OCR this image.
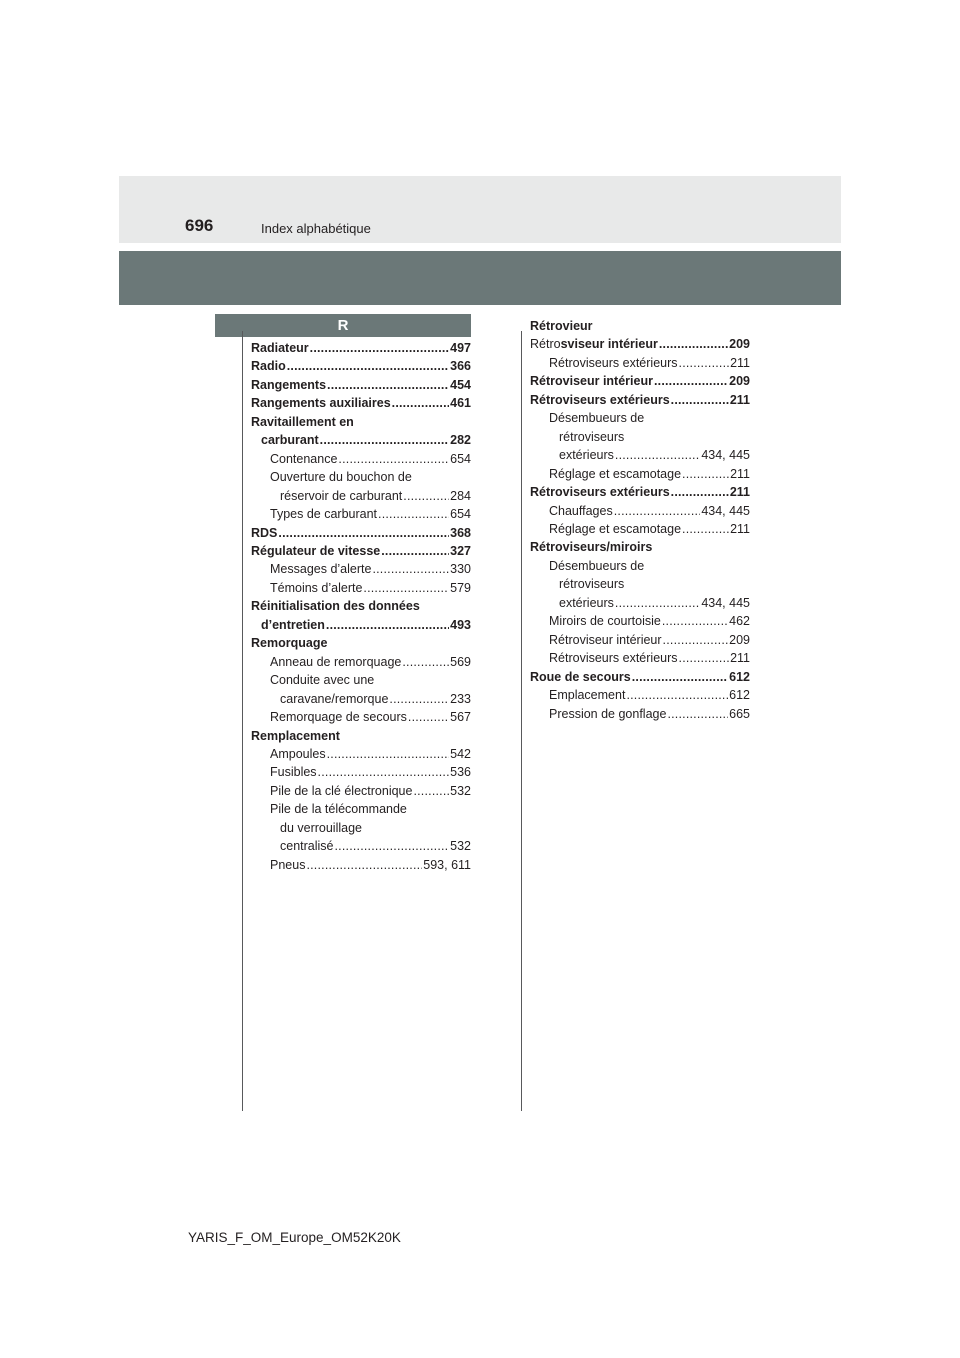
696	Index alphabétique
R
Radiateur .....	497
Radio .....	366
Rangements .....	454
Rangements auxiliaires .....	461
Ravitaillement en
carburant .....	282
Contenance .....	654
Ouverture du bouchon de
réservoir de carburant .....	284
Types de carburant .....	654
RDS .....	368
Régulateur de vitesse .....	327
Messages d’alerte .....	330
Témoins d’alerte .....	579
Réinitialisation des données
d’entretien .....	493
Remorquage
Anneau de remorquage .....	569
Conduite avec une
caravane/remorque .....	233
Remorquage de secours .....	567
Remplacement
Ampoules .....	542
Fusibles .....	536
Pile de la clé électronique .....	532
Pile de la télécommande
du verrouillage
centralisé .....	532
Pneus .....	593, 611
Rétrovieur
Rétrosviseur intérieur .....	209
Rétroviseurs extérieurs .....	211
Rétroviseur intérieur .....	209
Rétroviseurs extérieurs .....	211
Désembueurs de
rétroviseurs
extérieurs .....	434, 445
Réglage et escamotage .....	211
Rétroviseurs extérieurs .....	211
Chauffages .....	434, 445
Réglage et escamotage .....	211
Rétroviseurs/miroirs
Désembueurs de
rétroviseurs
extérieurs .....	434, 445
Miroirs de courtoisie .....	462
Rétroviseur intérieur .....	209
Rétroviseurs extérieurs .....	211
Roue de secours .....	612
Emplacement .....	612
Pression de gonflage .....	665
YARIS_F_OM_Europe_OM52K20K
